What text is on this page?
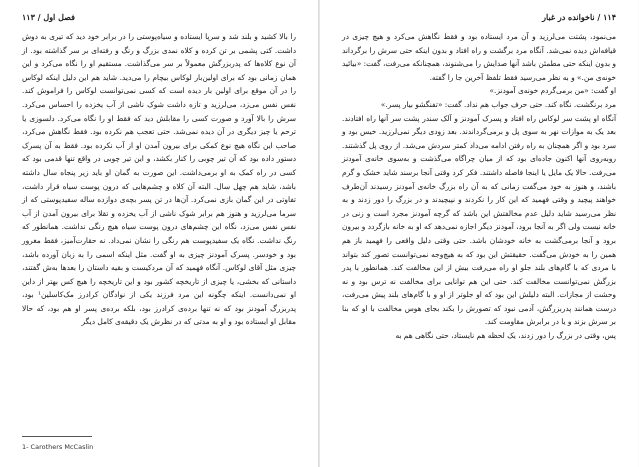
فصل اول / ۱۱۳

را بالا کشید و بلند شد و سرپا ایستاده و سیاه‌پوستی را در برابر خود دید که تیری به دوش داشت. کتی پشمی بر تن کرده و کلاه نمدی بزرگ و رنگ و رفته‌ای بر سر گذاشته بود. از آن نوع کلاه‌ها که پدربزرگش معمولاً بر سر می‌گذاشت. مستقیم او را نگاه می‌کرد و این همان زمانی بود که برای اولین‌بار لوکاس بیچام را می‌دید. شاید هم این دلیل اینکه لوکاس را در آن موقع برای اولین بار دیده است که کسی نمی‌توانست لوکاس را فراموش کند. نفس نفس می‌زد، می‌لرزید و تازه داشت شوک ناشی از آب یخزده را احساس می‌کرد. سرش را بالا آورد و صورت کسی را مقابلش دید که فقط او را نگاه می‌کرد. دلسوزی یا ترحم یا چیز دیگری در آن دیده نمی‌شد. حتی تعجب هم نکرده بود. فقط نگاهش می‌کرد، صاحب این نگاه هیچ نوع کمکی برای بیرون آمدن او از آب نکرده بود. فقط به آن پسرک دستور داده بود که آن تیر چوبی را کنار بکشد، و این تیر چوبی در واقع تنها قدمی بود که کسی در راه کمک به او برمی‌داشت. این صورت به گمان او باید زیر پنجاه سال داشته باشد، شاید هم چهل سال. البته آن کلاه و چشم‌هایی که درون پوست سیاه قرار داشت، تفاوتی در این گمان بازی نمی‌کرد. آن‌ها در تن پسر بچه‌ی دوازده ساله سفیدپوستی که از سرما می‌لرزید و هنوز هم برابر شوک ناشی از آب یخزده و تقلا برای بیرون آمدن از آب نفس نفس می‌زد، نگاه این چشم‌های درون پوست سیاه هیچ رنگی نداشت. همانطور که رنگ نداشت. نگاه یک سفیدپوست هم رنگی را نشان نمی‌داد. نه حقارت‌آمیز، فقط مغرور بود و خودسر. پسرک آمودنز چیزی به او گفت. مثل اینکه اسمی را به زبان آورده باشد، چیزی مثل آقای لوکاس. آنگاه فهمید که آن مردکیست و بقیه داستان را بعدها به‌ش گفتند، داستانی که بخشی، یا چیزی از تاریخچه کشور بود و این تاریخچه را هیچ کس بهتر از داین او نمی‌دانست. اینکه چگونه این مرد فرزند یکی از نوادگان کرادرز مک‌کاسلین¹ بود، پدربزرگ آمودنز بود که نه تنها برده‌ی کرادرز بود، بلکه برده‌ی پسر او هم بود، که حالا مقابل او ایستاده بود و او به مدتی که در نظرش یک دقیقه‌ی کامل دیگر

1- Carothers McCaslin
۱۱۴ / ناخوانده در غبار

می‌نمود، پشتت می‌لرزید و آن مرد ایستاده بود و فقط نگاهش می‌کرد و هیچ چیزی در قیافه‌اش دیده نمی‌شد. آنگاه مرد برگشت و راه افتاد و بدون اینکه حتی سرش را برگرداند و بدون اینکه حتی مطمئن باشد آنها صدایش را می‌شنوند، همچنانکه می‌رفت، گفت: «بیائید خونه‌ی من.» و به نظر می‌رسید فقط تلفظ آخرین جا را گفته.

او گفت: «من برمی‌گردم خونه‌ی آمودنز.»

مرد برنگشت. نگاه کند. حتی حرف جواب هم نداد. گفت: «تفنگشو بیار پسر.»

آنگاه او پشت سر لوکاس راه افتاد و پسرک آمودنز و آلک سندر پشت سر آنها راه افتادند. بعد یک به موازات نهر به سوی پل و برمی‌گرداندند. بعد زودی دیگر نمی‌لرزید. خیس بود و سرد بود و اگر همچنان به راه رفتن ادامه می‌داد کمتر سردش می‌شد. از روی پل گذشتند. روبه‌روی آنها اکنون جاده‌ای بود که از میان چراگاه می‌گذشت و به‌سوی خانه‌ی آمودنز می‌رفت. حالا یک مایل یا اینجا فاصله داشتند. فکر کرد وقتی آنجا برسند شاید خشک و گرم باشند، و هنوز به خود می‌گفت زمانی که به آن راه بزرگ خانه‌ی آمودنز رسیدند آن‌طرف خواهند پیچید و وقتی فهمید که این کار را نکردند و نپیچیدند و در بزرگ را دور زدند و به نظر می‌رسید شاید دلیل عدم مخالفتش این باشد که گرچه آمودنز مجرد است و زنی در خانه نیست ولی اگر به آنجا برود، آمودنز دیگر اجازه نمی‌دهد که او به خانه بازگردد و بیرون برود و آنجا برمی‌گشت به خانه خودشان باشد. حتی وقتی دلیل واقعی را فهمید باز هم همین را به خودش می‌گفت. حقیقتش این بود که به هیچ‌وجه نمی‌توانست تصور کند بتواند با مردی که با گام‌های بلند جلو او راه می‌رفت بیش از این مخالفت کند. همانطور با پدر بزرگش نمی‌توانست مخالفت کند. حتی این هم توانایی برای مخالفت نه ترس بود و نه وحشت از مجازات. البته دلیلش این بود که او جلوتر از او و با گام‌های بلند پیش می‌رفت، درست همانند پدربزرگش، آدمی نبود که تصورش را بکند بجای هوس مخالفت با او که بنا بر سرش بزند و یا در برابرش مقاومت کند.

پس، وقتی در بزرگ را دور زدند، یک لحظه هم نایستاد، حتی نگاهی هم به
